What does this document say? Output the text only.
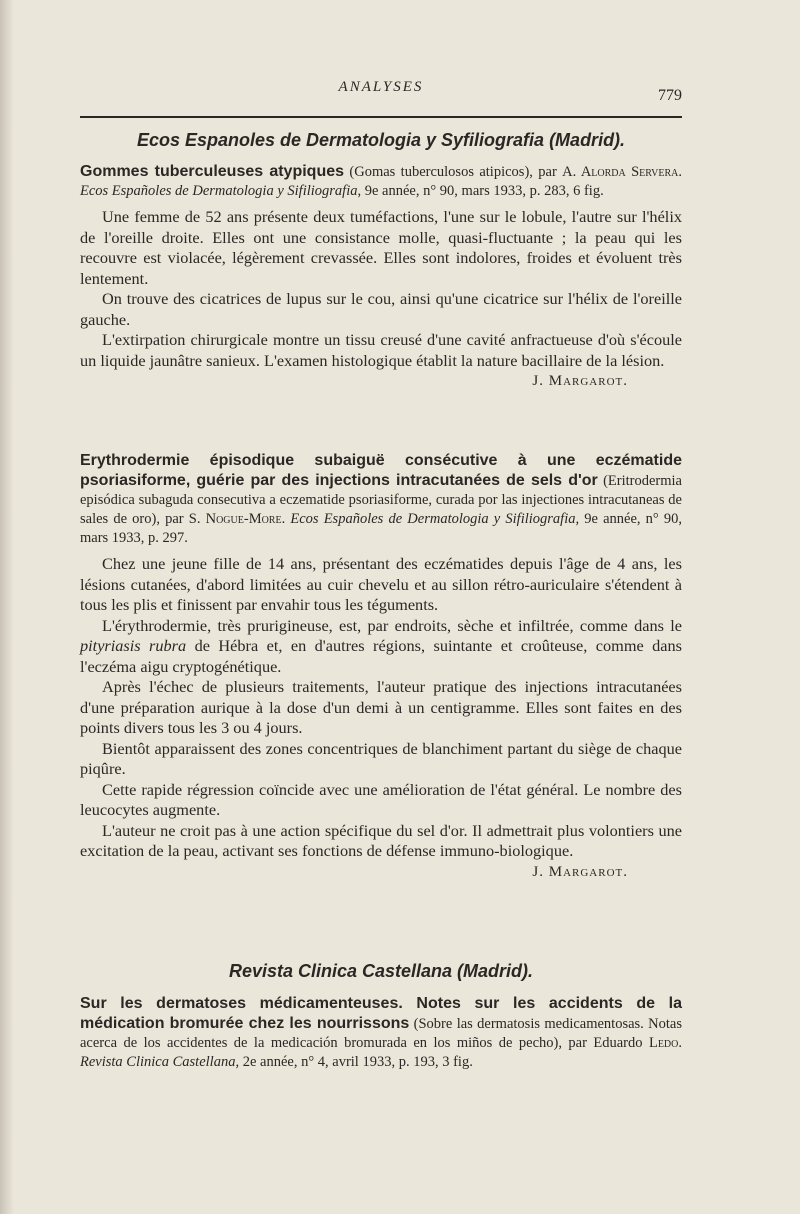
ANALYSES	779
Ecos Espanoles de Dermatologia y Syfiliografia (Madrid).

Gommes tuberculeuses atypiques (Gomas tuberculosos atipicos), par A. Alorda Servera. Ecos Españoles de Dermatologia y Sifiliografia, 9e année, n° 90, mars 1933, p. 283, 6 fig.

Une femme de 52 ans présente deux tuméfactions, l'une sur le lobule, l'autre sur l'hélix de l'oreille droite. Elles ont une consistance molle, quasi-fluctuante ; la peau qui les recouvre est violacée, légèrement crevassée. Elles sont indolores, froides et évoluent très lentement.

On trouve des cicatrices de lupus sur le cou, ainsi qu'une cicatrice sur l'hélix de l'oreille gauche.

L'extirpation chirurgicale montre un tissu creusé d'une cavité anfractueuse d'où s'écoule un liquide jaunâtre sanieux. L'examen histologique établit la nature bacillaire de la lésion.

J. Margarot.

Erythrodermie épisodique subaiguë consécutive à une eczématide psoriasiforme, guérie par des injections intracutanées de sels d'or (Eritrodermia episódica subaguda consecutiva a eczematide psoriasiforme, curada por las injectiones intracutaneas de sales de oro), par S. Nogue-More. Ecos Españoles de Dermatologia y Sifiliografia, 9e année, n° 90, mars 1933, p. 297.

Chez une jeune fille de 14 ans, présentant des eczématides depuis l'âge de 4 ans, les lésions cutanées, d'abord limitées au cuir chevelu et au sillon rétro-auriculaire s'étendent à tous les plis et finissent par envahir tous les téguments.

L'érythrodermie, très prurigineuse, est, par endroits, sèche et infiltrée, comme dans le pityriasis rubra de Hébra et, en d'autres régions, suintante et croûteuse, comme dans l'eczéma aigu cryptogénétique.

Après l'échec de plusieurs traitements, l'auteur pratique des injections intracutanées d'une préparation aurique à la dose d'un demi à un centigramme. Elles sont faites en des points divers tous les 3 ou 4 jours.

Bientôt apparaissent des zones concentriques de blanchiment partant du siège de chaque piqûre.

Cette rapide régression coïncide avec une amélioration de l'état général. Le nombre des leucocytes augmente.

L'auteur ne croit pas à une action spécifique du sel d'or. Il admettrait plus volontiers une excitation de la peau, activant ses fonctions de défense immuno-biologique.
J. Margarot.

Revista Clinica Castellana (Madrid).

Sur les dermatoses médicamenteuses. Notes sur les accidents de la médication bromurée chez les nourrissons (Sobre las dermatosis medicamentosas. Notas acerca de los accidentes de la medicación bromurada en los miños de pecho), par Eduardo Ledo. Revista Clinica Castellana, 2e année, n° 4, avril 1933, p. 193, 3 fig.
